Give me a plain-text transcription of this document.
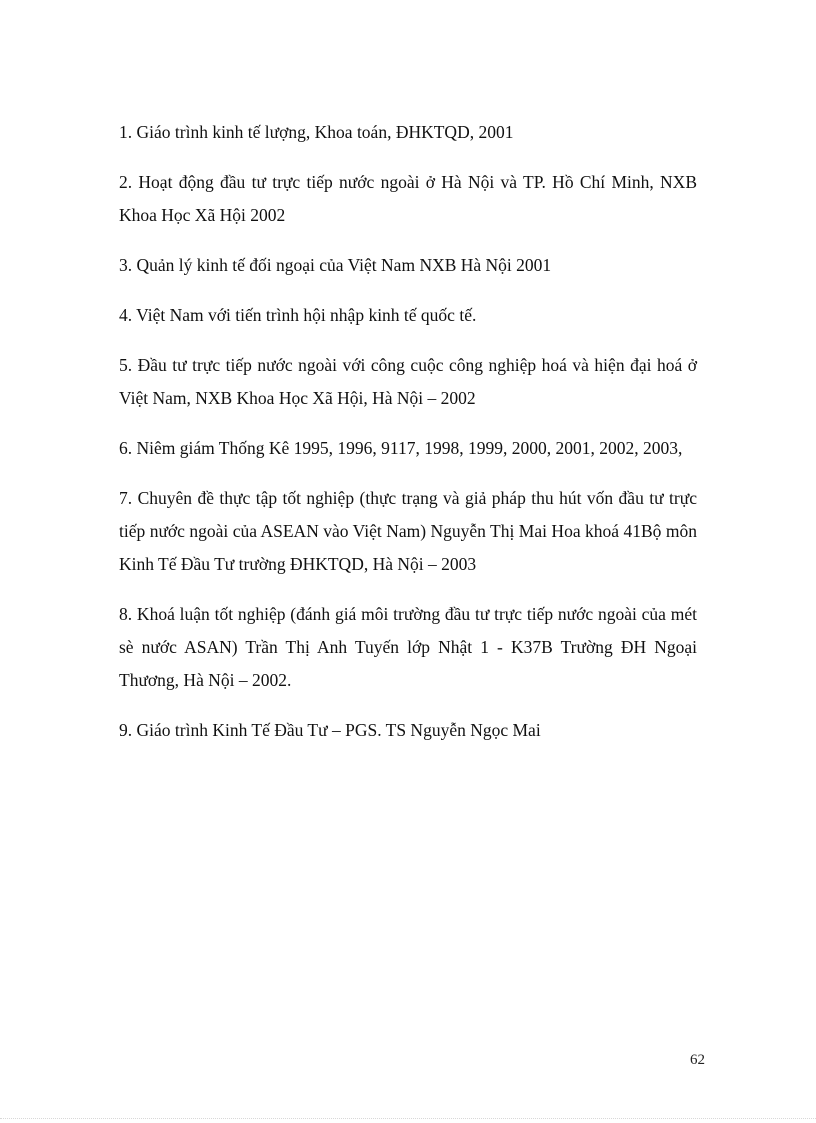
1. Giáo trình kinh tế lượng, Khoa toán, ĐHKTQD, 2001
2. Hoạt động đầu tư trực tiếp nước ngoài ở Hà Nội và TP. Hồ Chí Minh, NXB Khoa Học Xã Hội 2002
3. Quản lý kinh tế đối ngoại của Việt Nam NXB Hà Nội 2001
4. Việt Nam với tiến trình hội nhập kinh tế quốc tế.
5. Đầu tư trực tiếp nước ngoài với công cuộc công nghiệp hoá và hiện đại hoá ở Việt Nam, NXB Khoa Học Xã Hội, Hà Nội – 2002
6. Niêm giám Thống Kê 1995, 1996, 9117, 1998, 1999, 2000, 2001, 2002, 2003,
7. Chuyên đề thực tập tốt nghiệp (thực trạng và giả pháp thu hút vốn đầu tư trực tiếp nước ngoài của ASEAN vào Việt Nam) Nguyễn Thị Mai Hoa khoá 41Bộ môn Kinh Tế Đầu Tư trường ĐHKTQD, Hà Nội – 2003
8. Khoá luận tốt nghiệp (đánh giá môi trường đầu tư trực tiếp nước ngoài của mét sè nước ASAN) Trần Thị Anh Tuyến lớp Nhật 1 - K37B Trường ĐH Ngoại Thương, Hà Nội – 2002.
9. Giáo trình Kinh Tế Đầu Tư – PGS. TS Nguyễn Ngọc Mai
62
